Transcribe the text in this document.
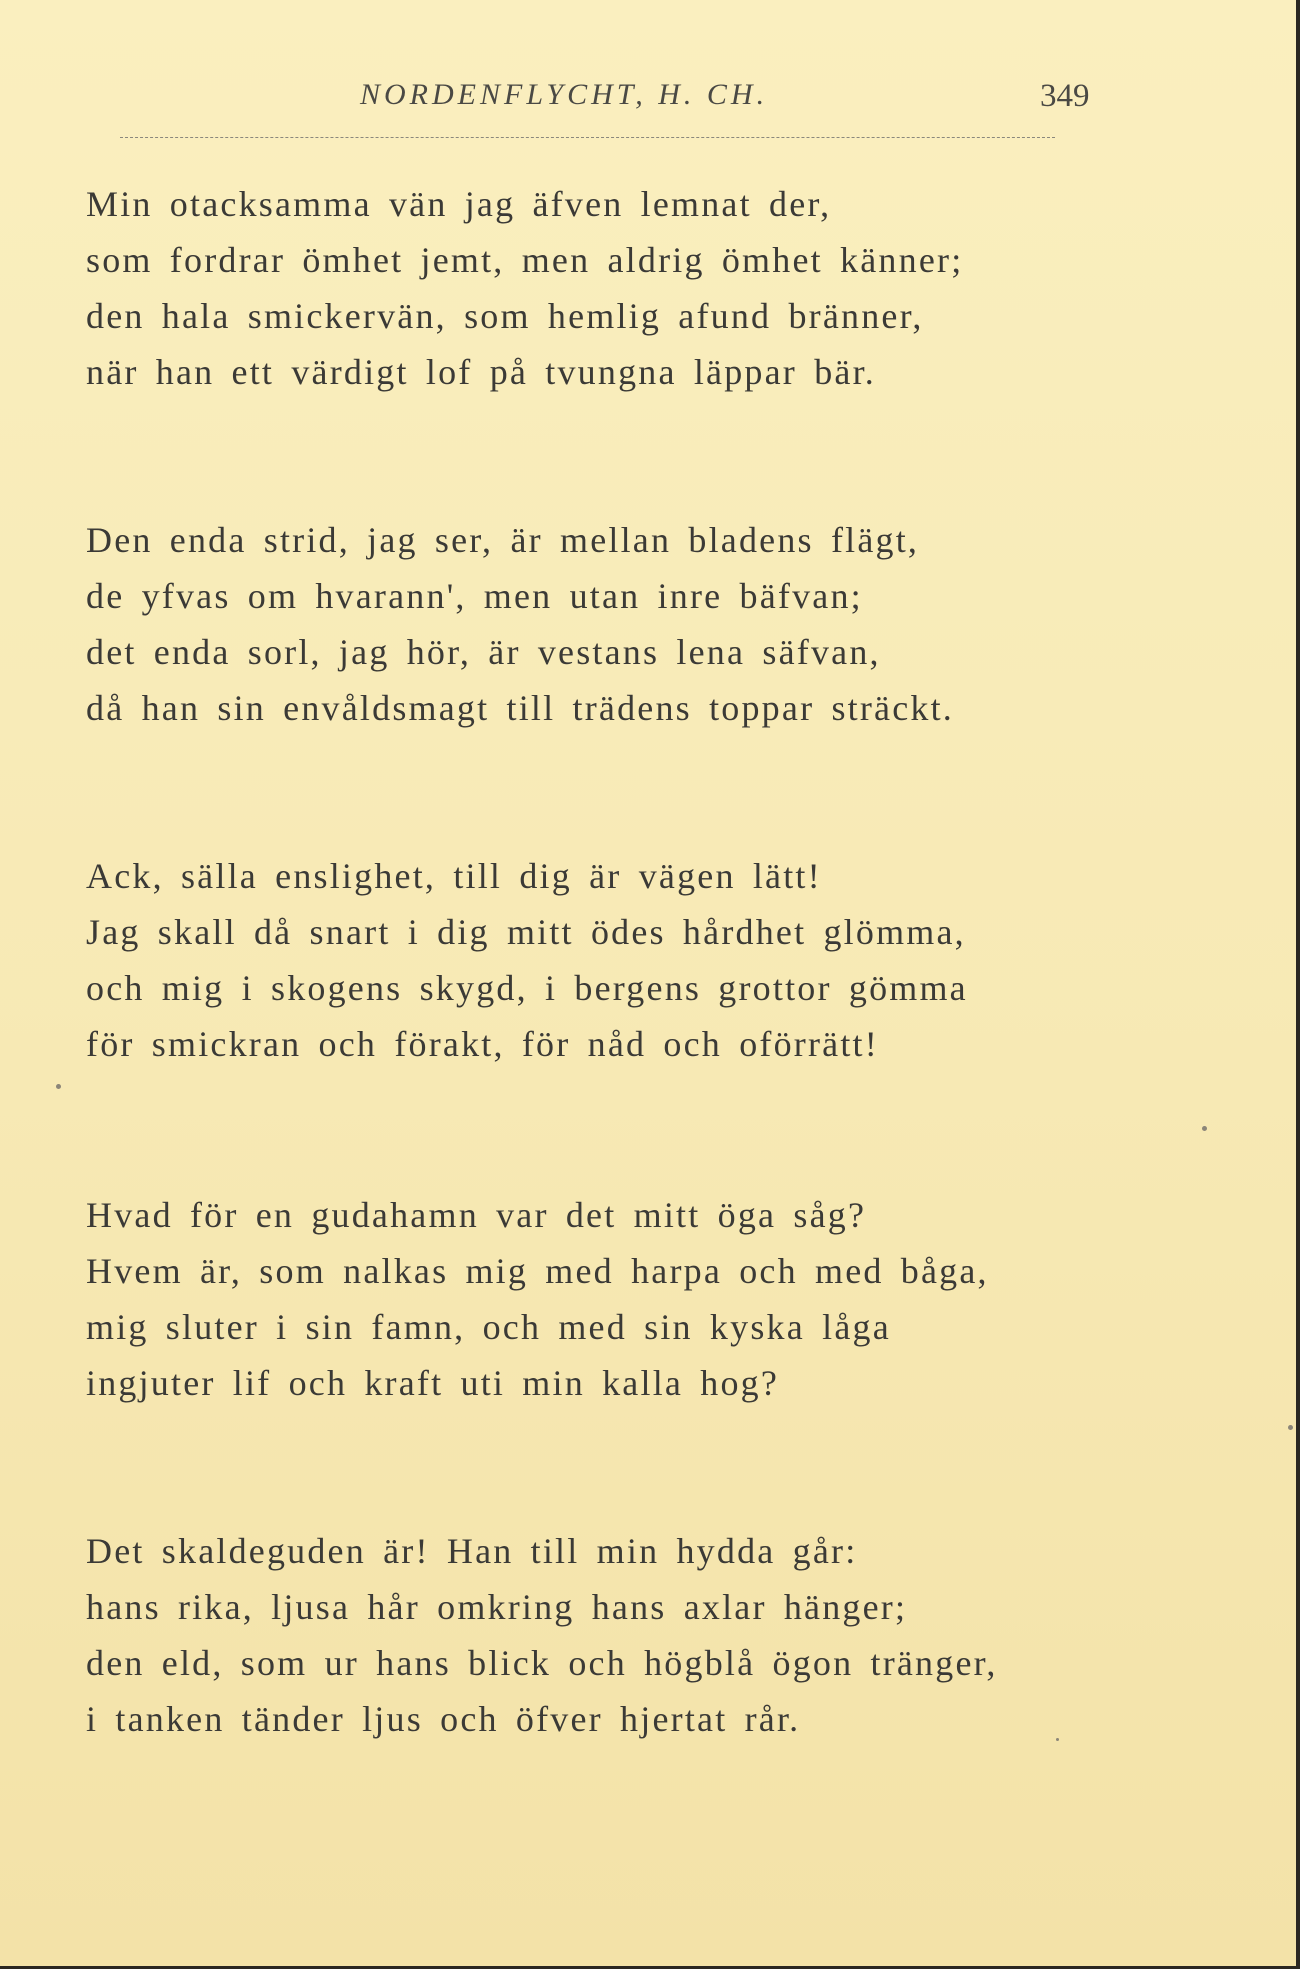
NORDENFLYCHT, H. CH.	349
Min otacksamma vän jag äfven lemnat der,
som fordrar ömhet jemt, men aldrig ömhet känner;
den hala smickervän, som hemlig afund bränner,
när han ett värdigt lof på tvungna läppar bär.
Den enda strid, jag ser, är mellan bladens flägt,
de yfvas om hvarann', men utan inre bäfvan;
det enda sorl, jag hör, är vestans lena säfvan,
då han sin envåldsmagt till trädens toppar sträckt.
Ack, sälla enslighet, till dig är vägen lätt!
Jag skall då snart i dig mitt ödes hårdhet glömma,
och mig i skogens skygd, i bergens grottor gömma
för smickran och förakt, för nåd och oförrätt!
Hvad för en gudahamn var det mitt öga såg?
Hvem är, som nalkas mig med harpa och med båga,
mig sluter i sin famn, och med sin kyska låga
ingjuter lif och kraft uti min kalla hog?
Det skaldeguden är! Han till min hydda går:
hans rika, ljusa hår omkring hans axlar hänger;
den eld, som ur hans blick och högblå ögon tränger,
i tanken tänder ljus och öfver hjertat rår.
